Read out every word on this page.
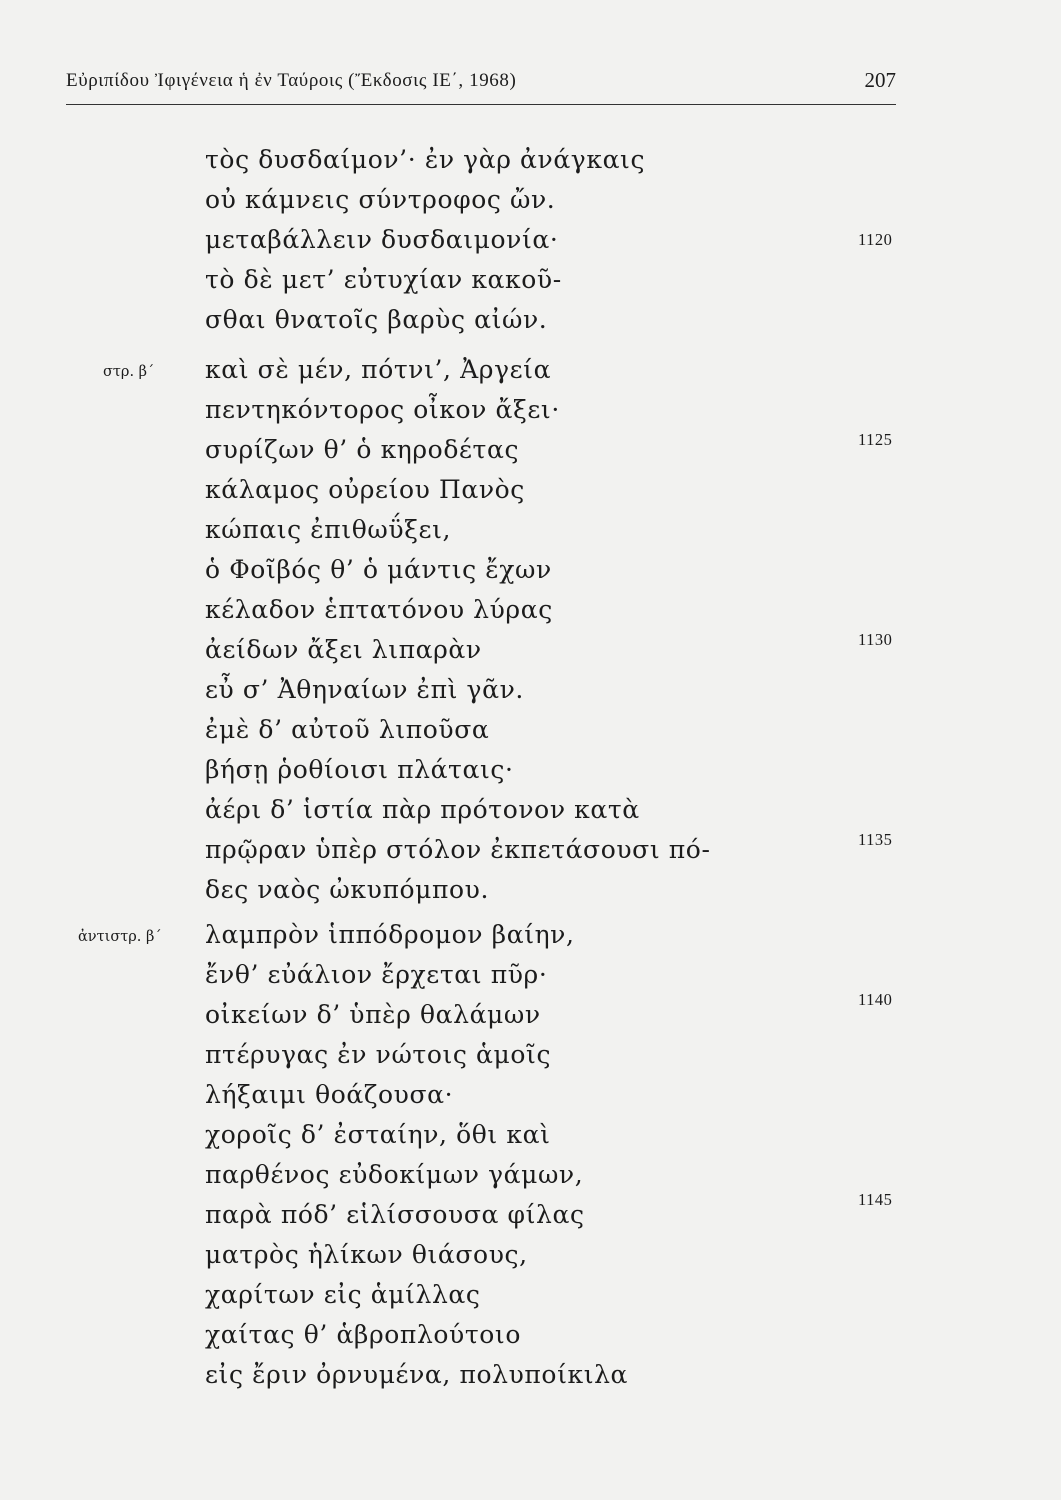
Εὐριπίδου Ἰφιγένεια ἡ ἐν Ταύροις (Ἔκδοσις ΙΕ΄, 1968)	207
τὸς δυσδαίμον’· ἐν γὰρ ἀνάγκαις
οὐ κάμνεις σύντροφος ὤν.
μεταβάλλειν δυσδαιμονία·
τὸ δὲ μετ’ εὐτυχίαν κακοῦ-
σθαι θνατοῖς βαρὺς αἰών.
καὶ σὲ μέν, πότνι’, Ἀργεία
πεντηκόντορος οἶκον ἄξει·
συρίζων θ’ ὁ κηροδέτας
κάλαμος οὐρείου Πανὸς
κώπαις ἐπιθωΰξει,
ὁ Φοῖβός θ’ ὁ μάντις ἔχων
κέλαδον ἑπτατόνου λύρας
ἀείδων ἄξει λιπαρὰν
εὖ σ’ Ἀθηναίων ἐπὶ γᾶν.
ἐμὲ δ’ αὐτοῦ λιποῦσα
βήσῃ ῥοθίοισι πλάταις·
ἀέρι δ’ ἱστία πὰρ πρότονον κατὰ
πρῷραν ὑπὲρ στόλον ἐκπετάσουσι πό-
δες ναὸς ὠκυπόμπου.
λαμπρὸν ἱππόδρομον βαίην,
ἔνθ’ εὐάλιον ἔρχεται πῦρ·
οἰκείων δ’ ὑπὲρ θαλάμων
πτέρυγας ἐν νώτοις ἁμοῖς
λήξαιμι θοάζουσα·
χοροῖς δ’ ἐσταίην, ὅθι καὶ
παρθένος εὐδοκίμων γάμων,
παρὰ πόδ’ εἱλίσσουσα φίλας
ματρὸς ἡλίκων θιάσους,
χαρίτων εἰς ἁμίλλας
χαίτας θ’ ἁβροπλούτοιο
εἰς ἔριν ὀρνυμένα, πολυποίκιλα
στρ. β΄
ἀντιστρ. β΄
1120
1125
1130
1135
1140
1145
